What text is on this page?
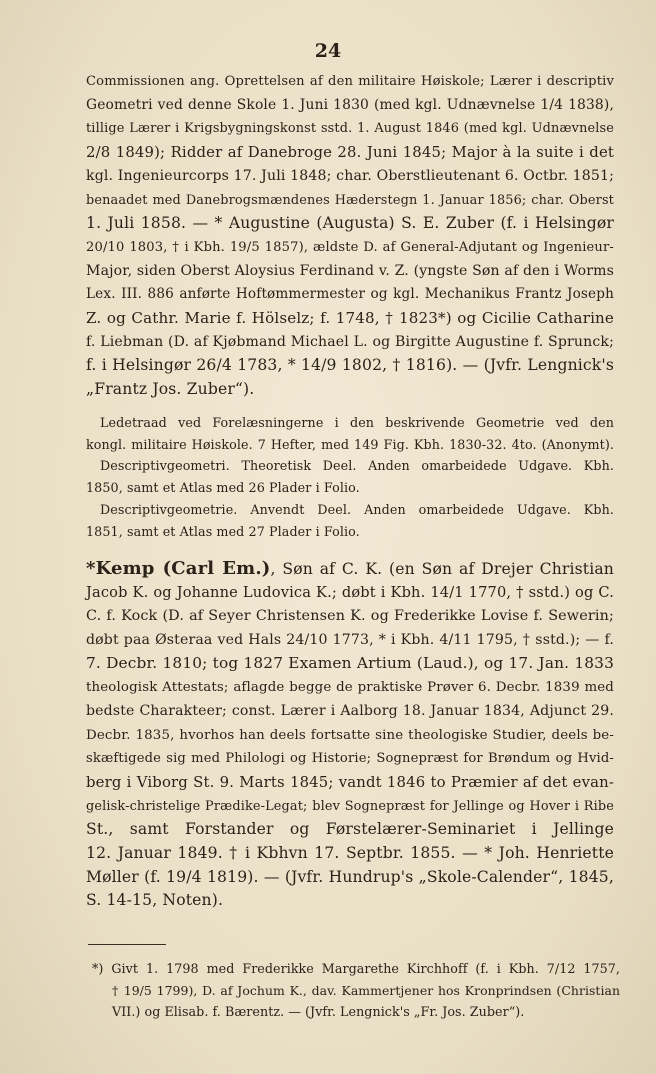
24
Commissionen ang. Oprettelsen af den militaire Høiskole; Lærer i descriptiv
Geometri ved denne Skole 1. Juni 1830 (med kgl. Udnævnelse 1/4 1838),
tillige Lærer i Krigsbygningskonst sstd. 1. August 1846 (med kgl. Udnævnelse
2/8 1849); Ridder af Danebroge 28. Juni 1845; Major à la suite i det
kgl. Ingenieurcorps 17. Juli 1848; char. Oberstlieutenant 6. Octbr. 1851;
benaadet med Danebrogsmændenes Hæderstegn 1. Januar 1856; char. Oberst
1. Juli 1858. — * Augustine (Augusta) S. E. Zuber (f. i Helsingør
20/10 1803, † i Kbh. 19/5 1857), ældste D. af General-Adjutant og Ingenieur-
Major, siden Oberst Aloysius Ferdinand v. Z. (yngste Søn af den i Worms
Lex. III. 886 anførte Hoftømmermester og kgl. Mechanikus Frantz Joseph
Z. og Cathr. Marie f. Hölselz; f. 1748, † 1823*) og Cicilie Catharine
f. Liebman (D. af Kjøbmand Michael L. og Birgitte Augustine f. Sprunck;
f. i Helsingør 26/4 1783, * 14/9 1802, † 1816). — (Jvfr. Lengnick's
„Frantz Jos. Zuber“).
Ledetraad ved Forelæsningerne i den beskrivende Geometrie ved den
kongl. militaire Høiskole. 7 Hefter, med 149 Fig. Kbh. 1830-32. 4to. (Anonymt).
Descriptivgeometri. Theoretisk Deel. Anden omarbeidede Udgave. Kbh.
1850, samt et Atlas med 26 Plader i Folio.
Descriptivgeometrie. Anvendt Deel. Anden omarbeidede Udgave. Kbh.
1851, samt et Atlas med 27 Plader i Folio.
*Kemp (Carl Em.), Søn af C. K. (en Søn af Drejer Christian
Jacob K. og Johanne Ludovica K.; døbt i Kbh. 14/1 1770, † sstd.) og C.
C. f. Kock (D. af Seyer Christensen K. og Frederikke Lovise f. Sewerin;
døbt paa Østeraa ved Hals 24/10 1773, * i Kbh. 4/11 1795, † sstd.); — f.
7. Decbr. 1810; tog 1827 Examen Artium (Laud.), og 17. Jan. 1833
theologisk Attestats; aflagde begge de praktiske Prøver 6. Decbr. 1839 med
bedste Charakteer; const. Lærer i Aalborg 18. Januar 1834, Adjunct 29.
Decbr. 1835, hvorhos han deels fortsatte sine theologiske Studier, deels be-
skæftigede sig med Philologi og Historie; Sognepræst for Brøndum og Hvid-
berg i Viborg St. 9. Marts 1845; vandt 1846 to Præmier af det evan-
gelisk-christelige Prædike-Legat; blev Sognepræst for Jellinge og Hover i Ribe
St., samt Forstander og Førstelærer-Seminariet i Jellinge
12. Januar 1849. † i Kbhvn 17. Septbr. 1855. — * Joh. Henriette
Møller (f. 19/4 1819). — (Jvfr. Hundrup's „Skole-Calender“, 1845,
S. 14-15, Noten).
*) Givt 1. 1798 med Frederikke Margarethe Kirchhoff (f. i Kbh. 7/12 1757,
† 19/5 1799), D. af Jochum K., dav. Kammertjener hos Kronprindsen (Christian
VII.) og Elisab. f. Bærentz. — (Jvfr. Lengnick's „Fr. Jos. Zuber“).
